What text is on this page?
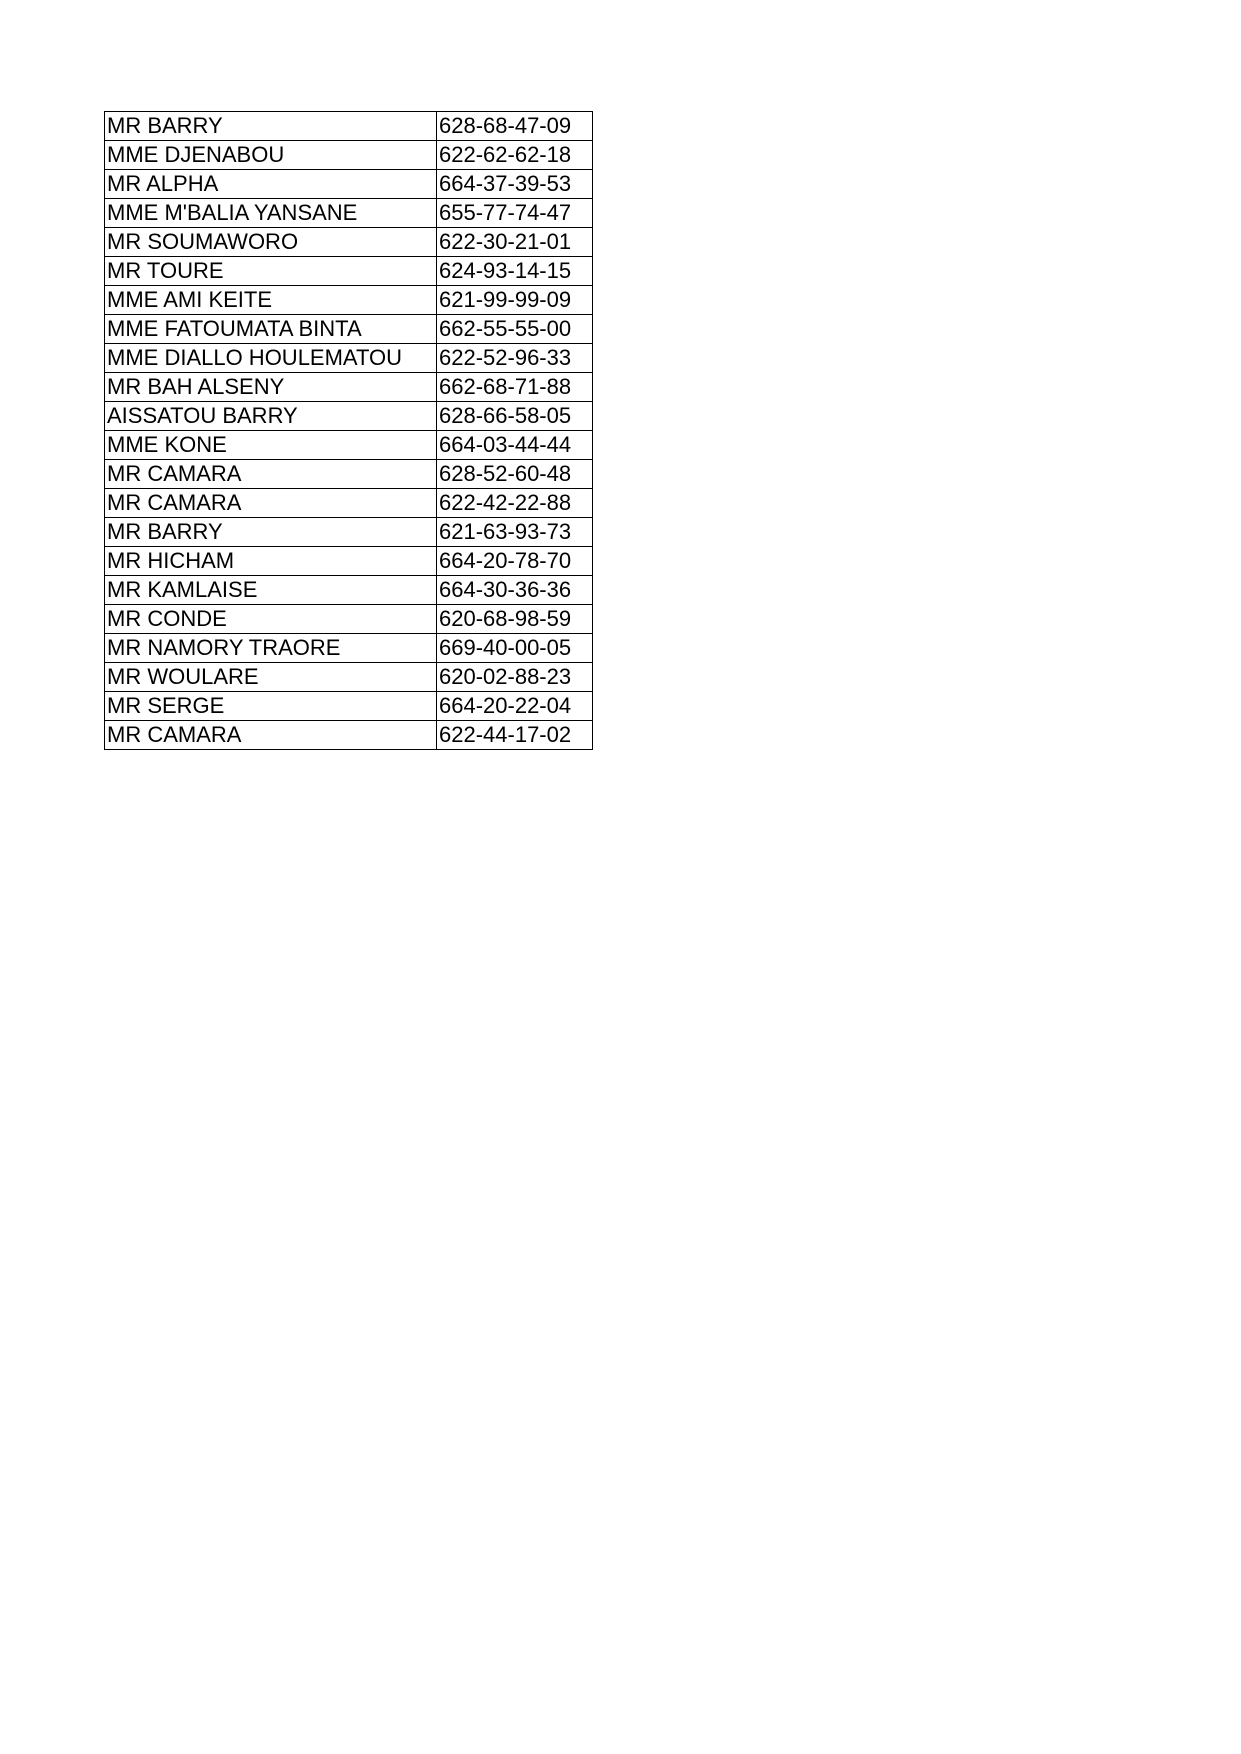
MR BARRY	628-68-47-09
MME DJENABOU	622-62-62-18
MR ALPHA	664-37-39-53
MME M'BALIA YANSANE	655-77-74-47
MR SOUMAWORO	622-30-21-01
MR TOURE	624-93-14-15
MME AMI KEITE	621-99-99-09
MME FATOUMATA BINTA	662-55-55-00
MME DIALLO HOULEMATOU	622-52-96-33
MR BAH ALSENY	662-68-71-88
AISSATOU BARRY	628-66-58-05
MME KONE	664-03-44-44
MR CAMARA	628-52-60-48
MR CAMARA	622-42-22-88
MR BARRY	621-63-93-73
MR HICHAM	664-20-78-70
MR KAMLAISE	664-30-36-36
MR CONDE	620-68-98-59
MR NAMORY TRAORE	669-40-00-05
MR WOULARE	620-02-88-23
MR SERGE	664-20-22-04
MR CAMARA	622-44-17-02
